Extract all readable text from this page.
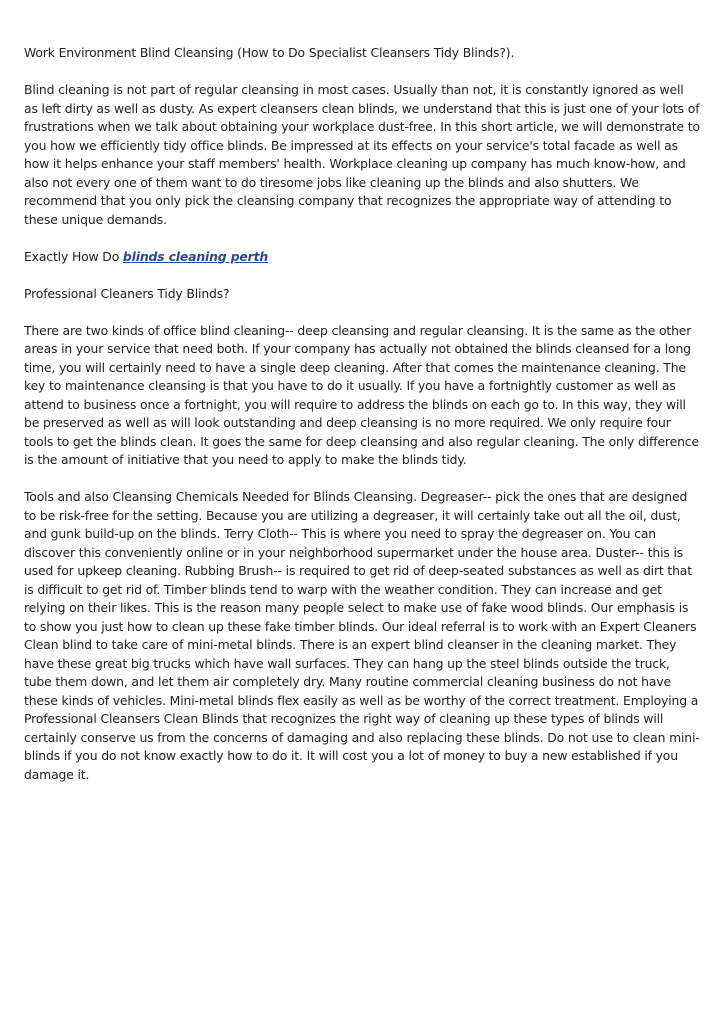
Work Environment Blind Cleansing (How to Do Specialist Cleansers Tidy Blinds?).

Blind cleaning is not part of regular cleansing in most cases. Usually than not, it is constantly ignored as well as left dirty as well as dusty. As expert cleansers clean blinds, we understand that this is just one of your lots of frustrations when we talk about obtaining your workplace dust-free. In this short article, we will demonstrate to you how we efficiently tidy office blinds. Be impressed at its effects on your service's total facade as well as how it helps enhance your staff members' health. Workplace cleaning up company has much know-how, and also not every one of them want to do tiresome jobs like cleaning up the blinds and also shutters. We recommend that you only pick the cleansing company that recognizes the appropriate way of attending to these unique demands.

Exactly How Do blinds cleaning perth

Professional Cleaners Tidy Blinds?

There are two kinds of office blind cleaning-- deep cleansing and regular cleansing. It is the same as the other areas in your service that need both. If your company has actually not obtained the blinds cleansed for a long time, you will certainly need to have a single deep cleaning. After that comes the maintenance cleaning. The key to maintenance cleansing is that you have to do it usually. If you have a fortnightly customer as well as attend to business once a fortnight, you will require to address the blinds on each go to. In this way, they will be preserved as well as will look outstanding and deep cleansing is no more required. We only require four tools to get the blinds clean. It goes the same for deep cleansing and also regular cleaning. The only difference is the amount of initiative that you need to apply to make the blinds tidy.

Tools and also Cleansing Chemicals Needed for Blinds Cleansing. Degreaser-- pick the ones that are designed to be risk-free for the setting. Because you are utilizing a degreaser, it will certainly take out all the oil, dust, and gunk build-up on the blinds. Terry Cloth-- This is where you need to spray the degreaser on. You can discover this conveniently online or in your neighborhood supermarket under the house area. Duster-- this is used for upkeep cleaning. Rubbing Brush-- is required to get rid of deep-seated substances as well as dirt that is difficult to get rid of. Timber blinds tend to warp with the weather condition. They can increase and get relying on their likes. This is the reason many people select to make use of fake wood blinds. Our emphasis is to show you just how to clean up these fake timber blinds. Our ideal referral is to work with an Expert Cleaners Clean blind to take care of mini-metal blinds. There is an expert blind cleanser in the cleaning market. They have these great big trucks which have wall surfaces. They can hang up the steel blinds outside the truck, tube them down, and let them air completely dry. Many routine commercial cleaning business do not have these kinds of vehicles. Mini-metal blinds flex easily as well as be worthy of the correct treatment. Employing a Professional Cleansers Clean Blinds that recognizes the right way of cleaning up these types of blinds will certainly conserve us from the concerns of damaging and also replacing these blinds. Do not use to clean mini-blinds if you do not know exactly how to do it. It will cost you a lot of money to buy a new established if you damage it.
